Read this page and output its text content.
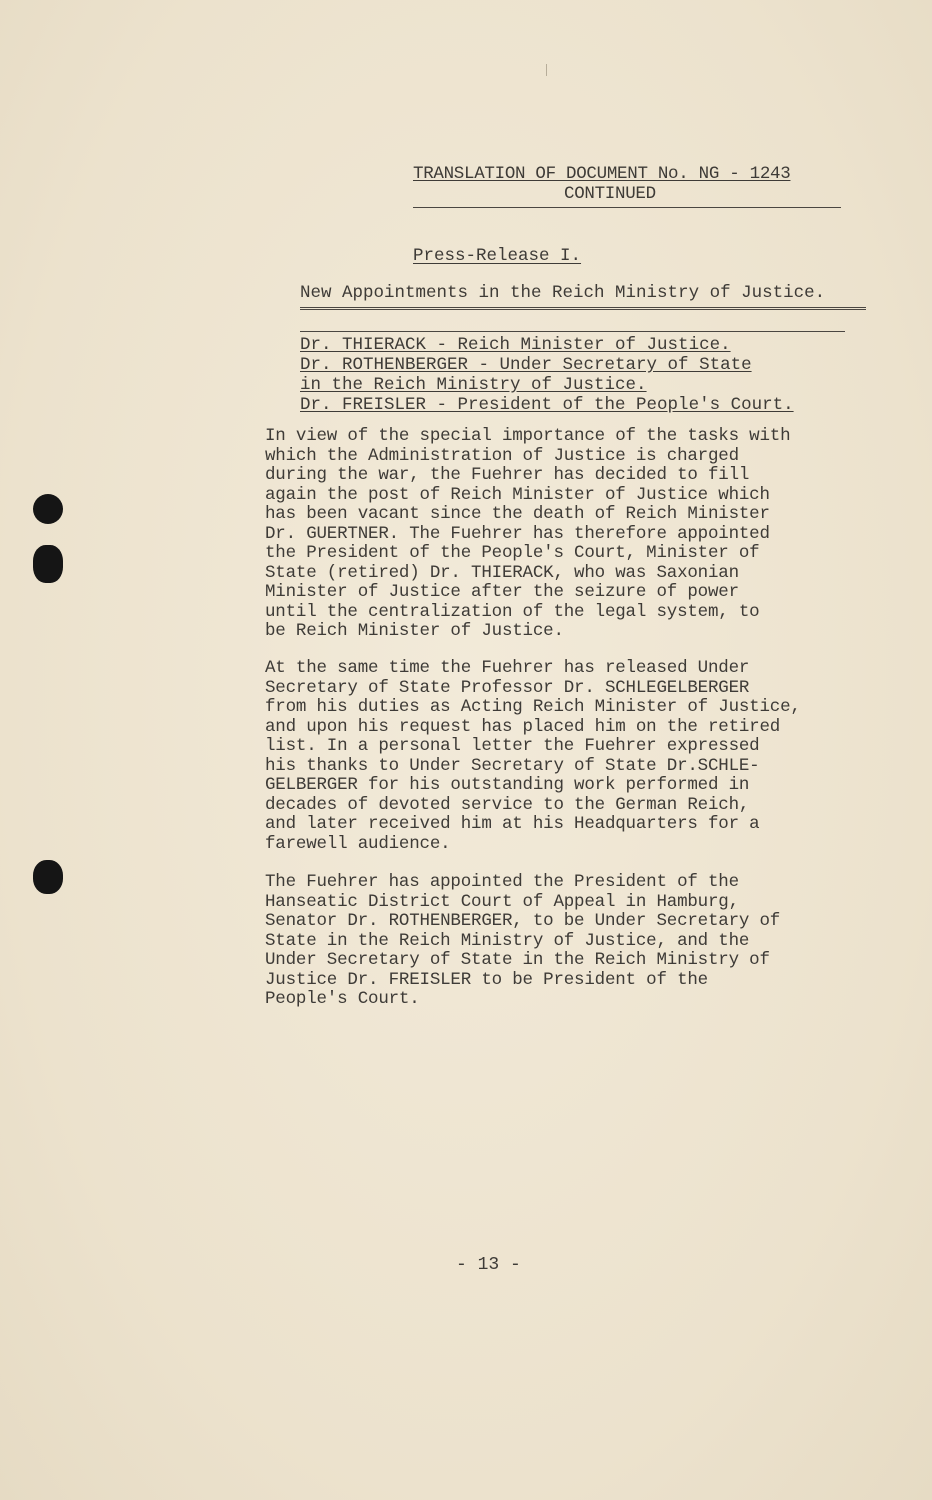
TRANSLATION OF DOCUMENT No. NG - 1243
CONTINUED
Press-Release I.
New Appointments in the Reich Ministry of Justice.
Dr. THIERACK - Reich Minister of Justice.
Dr. ROTHENBERGER - Under Secretary of State
in the Reich Ministry of Justice.
Dr. FREISLER - President of the People's Court.

In view of the special importance of the tasks with
which the Administration of Justice is charged
during the war, the Fuehrer has decided to fill
again the post of Reich Minister of Justice which
has been vacant since the death of Reich Minister
Dr. GUERTNER. The Fuehrer has therefore appointed
the President of the People's Court, Minister of
State (retired) Dr. THIERACK, who was Saxonian
Minister of Justice after the seizure of power
until the centralization of the legal system, to
be Reich Minister of Justice.

At the same time the Fuehrer has released Under
Secretary of State Professor Dr. SCHLEGELBERGER
from his duties as Acting Reich Minister of Justice,
and upon his request has placed him on the retired
list. In a personal letter the Fuehrer expressed
his thanks to Under Secretary of State Dr.SCHLE-
GELBERGER for his outstanding work performed in
decades of devoted service to the German Reich,
and later received him at his Headquarters for a
farewell audience.

The Fuehrer has appointed the President of the
Hanseatic District Court of Appeal in Hamburg,
Senator Dr. ROTHENBERGER, to be Under Secretary of
State in the Reich Ministry of Justice, and the
Under Secretary of State in the Reich Ministry of
Justice Dr. FREISLER to be President of the
People's Court.

- 13 -
